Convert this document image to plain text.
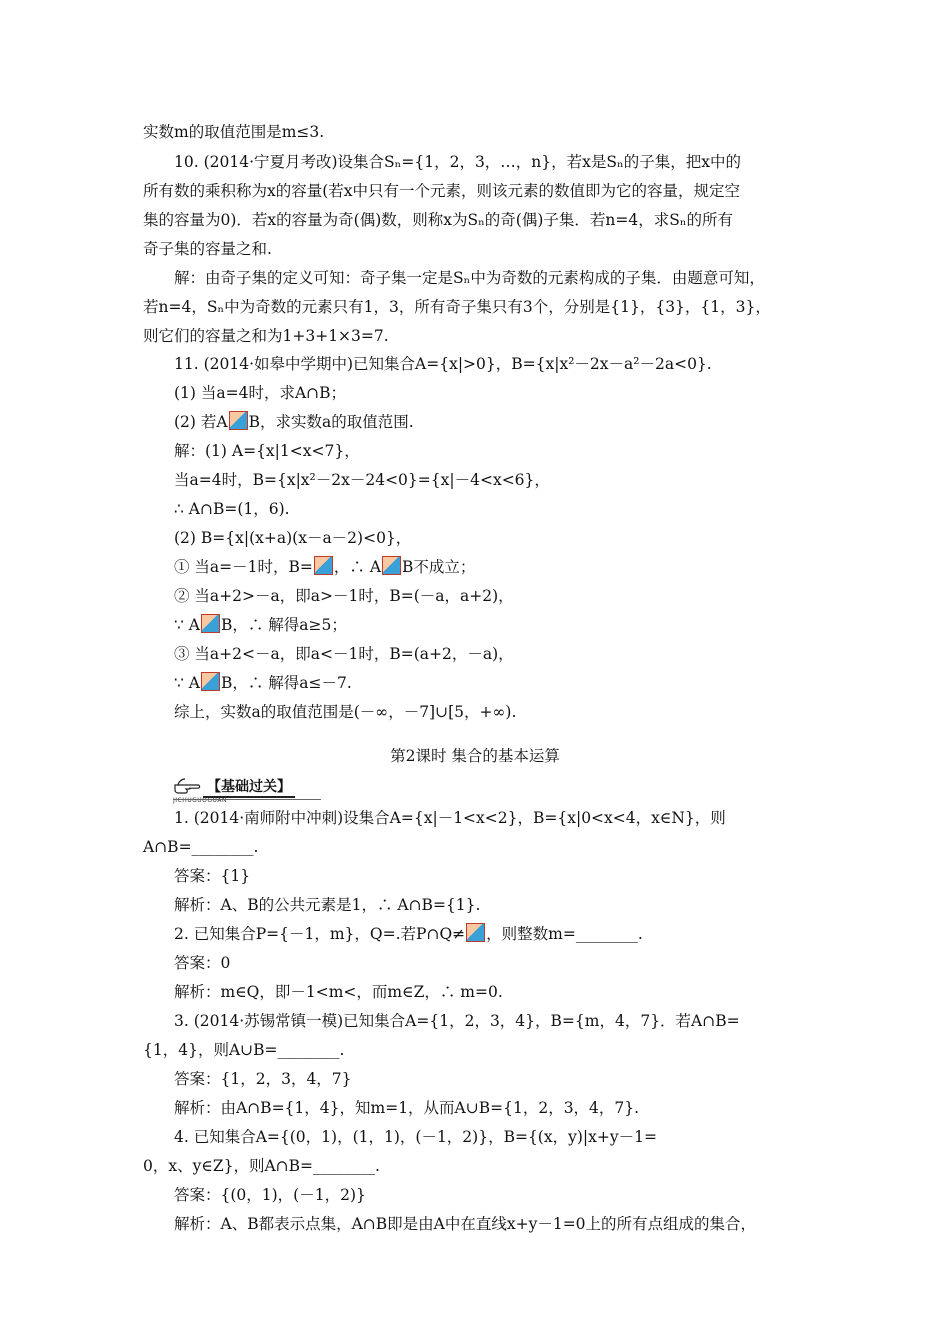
实数m的取值范围是m≤3.
10. (2014·宁夏月考改)设集合Sₙ={1，2，3，…，n}，若x是Sₙ的子集，把x中的
所有数的乘积称为x的容量(若x中只有一个元素，则该元素的数值即为它的容量，规定空
集的容量为0)．若x的容量为奇(偶)数，则称x为Sₙ的奇(偶)子集．若n=4，求Sₙ的所有
奇子集的容量之和.
解：由奇子集的定义可知：奇子集一定是Sₙ中为奇数的元素构成的子集．由题意可知，
若n=4，Sₙ中为奇数的元素只有1，3，所有奇子集只有3个，分别是{1}，{3}，{1，3}，
则它们的容量之和为1+3+1×3=7.
11. (2014·如皋中学期中)已知集合A={x|>0}，B={x|x²－2x－a²－2a<0}.
(1) 当a=4时，求A∩B；
(2) 若A B，求实数a的取值范围.
解：(1) A={x|1<x<7}，
当a=4时，B={x|x²－2x－24<0}={x|－4<x<6}，
∴ A∩B=(1，6).
(2) B={x|(x+a)(x－a－2)<0}，
① 当a=－1时，B= ，∴ A B不成立；
② 当a+2>－a，即a>－1时，B=(－a，a+2)，
∵ A B，∴ 解得a≥5；
③ 当a+2<－a，即a<－1时，B=(a+2，－a)，
∵ A B，∴ 解得a≤－7.
综上，实数a的取值范围是(－∞，－7]∪[5，+∞).
第2课时 集合的基本运算
【基础过关】
JICHUGUOGUAN
1. (2014·南师附中冲刺)设集合A={x|－1<x<2}，B={x|0<x<4，x∈N}，则
A∩B=________.
答案：{1}
解析：A、B的公共元素是1，∴ A∩B={1}.
2. 已知集合P={－1，m}，Q=.若P∩Q≠ ，则整数m=________.
答案：0
解析：m∈Q，即－1<m<，而m∈Z，∴ m=0.
3. (2014·苏锡常镇一模)已知集合A={1，2，3，4}，B={m，4，7}．若A∩B=
{1，4}，则A∪B=________.
答案：{1，2，3，4，7}
解析：由A∩B={1，4}，知m=1，从而A∪B={1，2，3，4，7}.
4. 已知集合A={(0，1)，(1，1)，(－1，2)}，B={(x，y)|x+y－1=
0，x、y∈Z}，则A∩B=________.
答案：{(0，1)，(－1，2)}
解析：A、B都表示点集，A∩B即是由A中在直线x+y－1=0上的所有点组成的集合，
